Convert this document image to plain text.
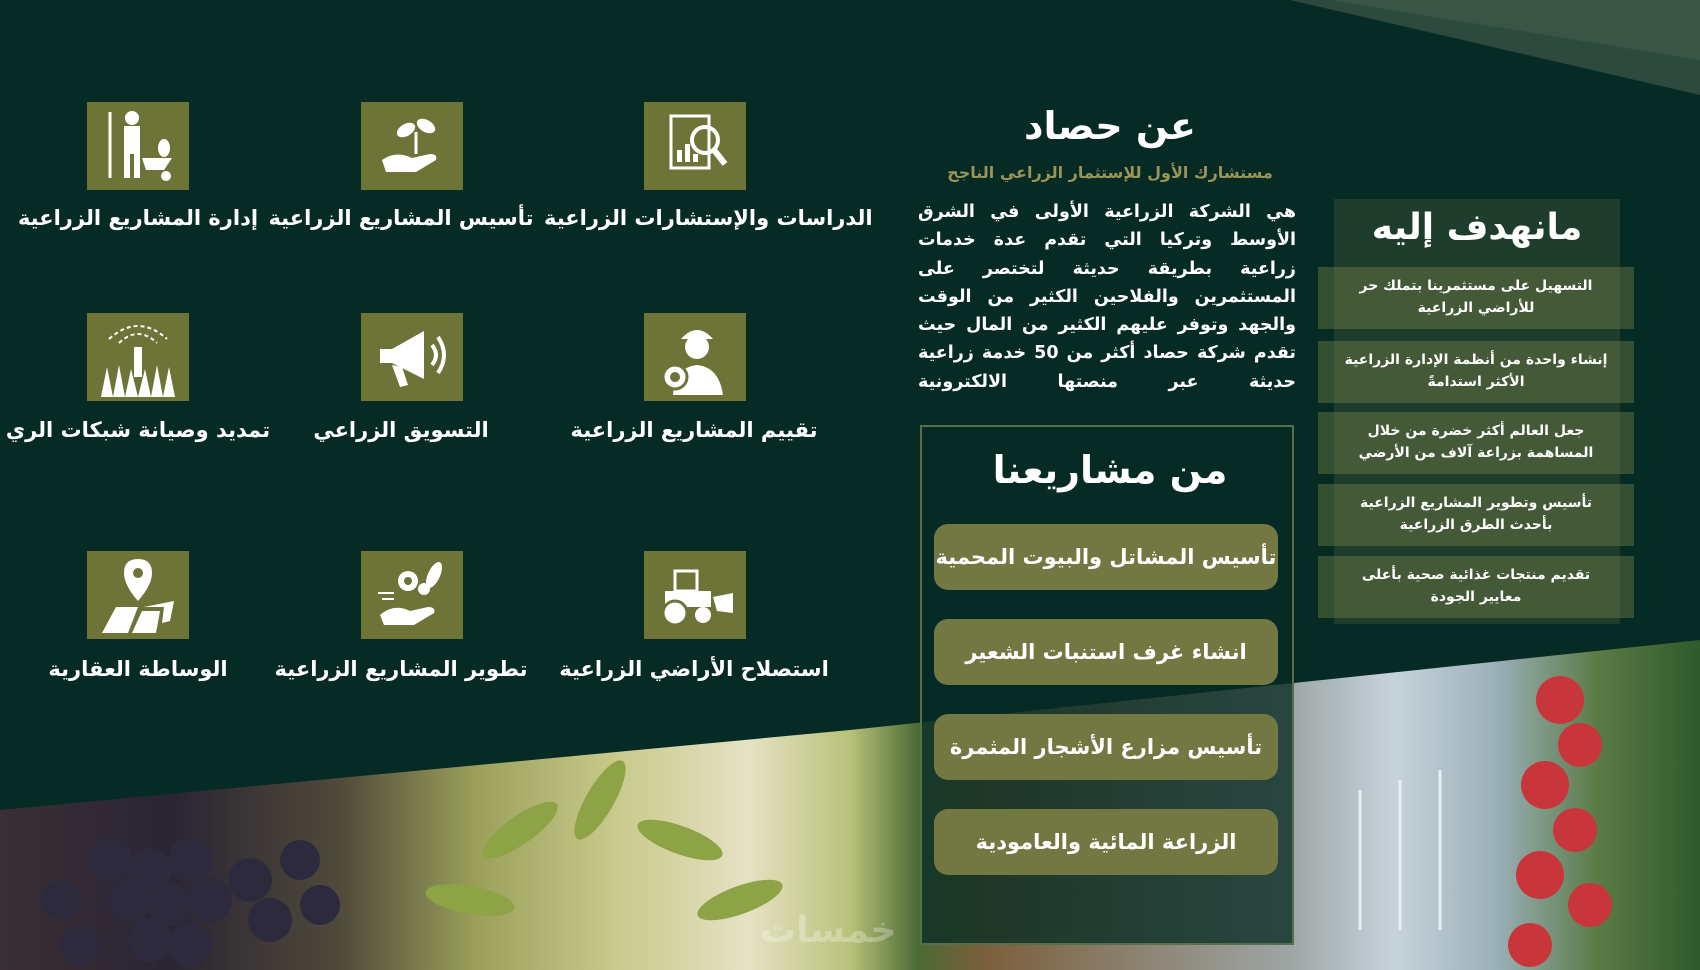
الدراسات والإستشارات الزراعية
تأسيس المشاريع الزراعية
إدارة المشاريع الزراعية
تقييم المشاريع الزراعية
التسويق الزراعي
تمديد وصيانة شبكات الري
استصلاح الأراضي الزراعية
تطوير المشاريع الزراعية
الوساطة العقارية
عن حصاد
مستشارك الأول للإستثمار الزراعي الناجح
هي الشركة الزراعية الأولى في الشرق الأوسط وتركيا التي تقدم عدة خدمات زراعية بطريقة حديثة لتختصر على المستثمرين والفلاحين الكثير من الوقت والجهد وتوفر عليهم الكثير من المال حيث تقدم شركة حصاد أكثر من 50 خدمة زراعية حديثة عبر منصتها الالكترونية
مانهدف إليه
التسهيل على مستثمرينا بتملك حر للأراضي الزراعية
إنشاء واحدة من أنظمة الإدارة الزراعية الأكثر استدامةً
جعل العالم أكثر خضرة من خلال المساهمة بزراعة آلاف من الأرضي
تأسيس وتطوير المشاريع الزراعية بأحدث الطرق الزراعية
تقديم منتجات غذائية صحية بأعلى معايير الجودة
من مشاريعنا
تأسيس المشاتل والبيوت المحمية
انشاء غرف استنبات الشعير
تأسيس مزارع الأشجار المثمرة
الزراعة المائية والعامودية
خمسات
